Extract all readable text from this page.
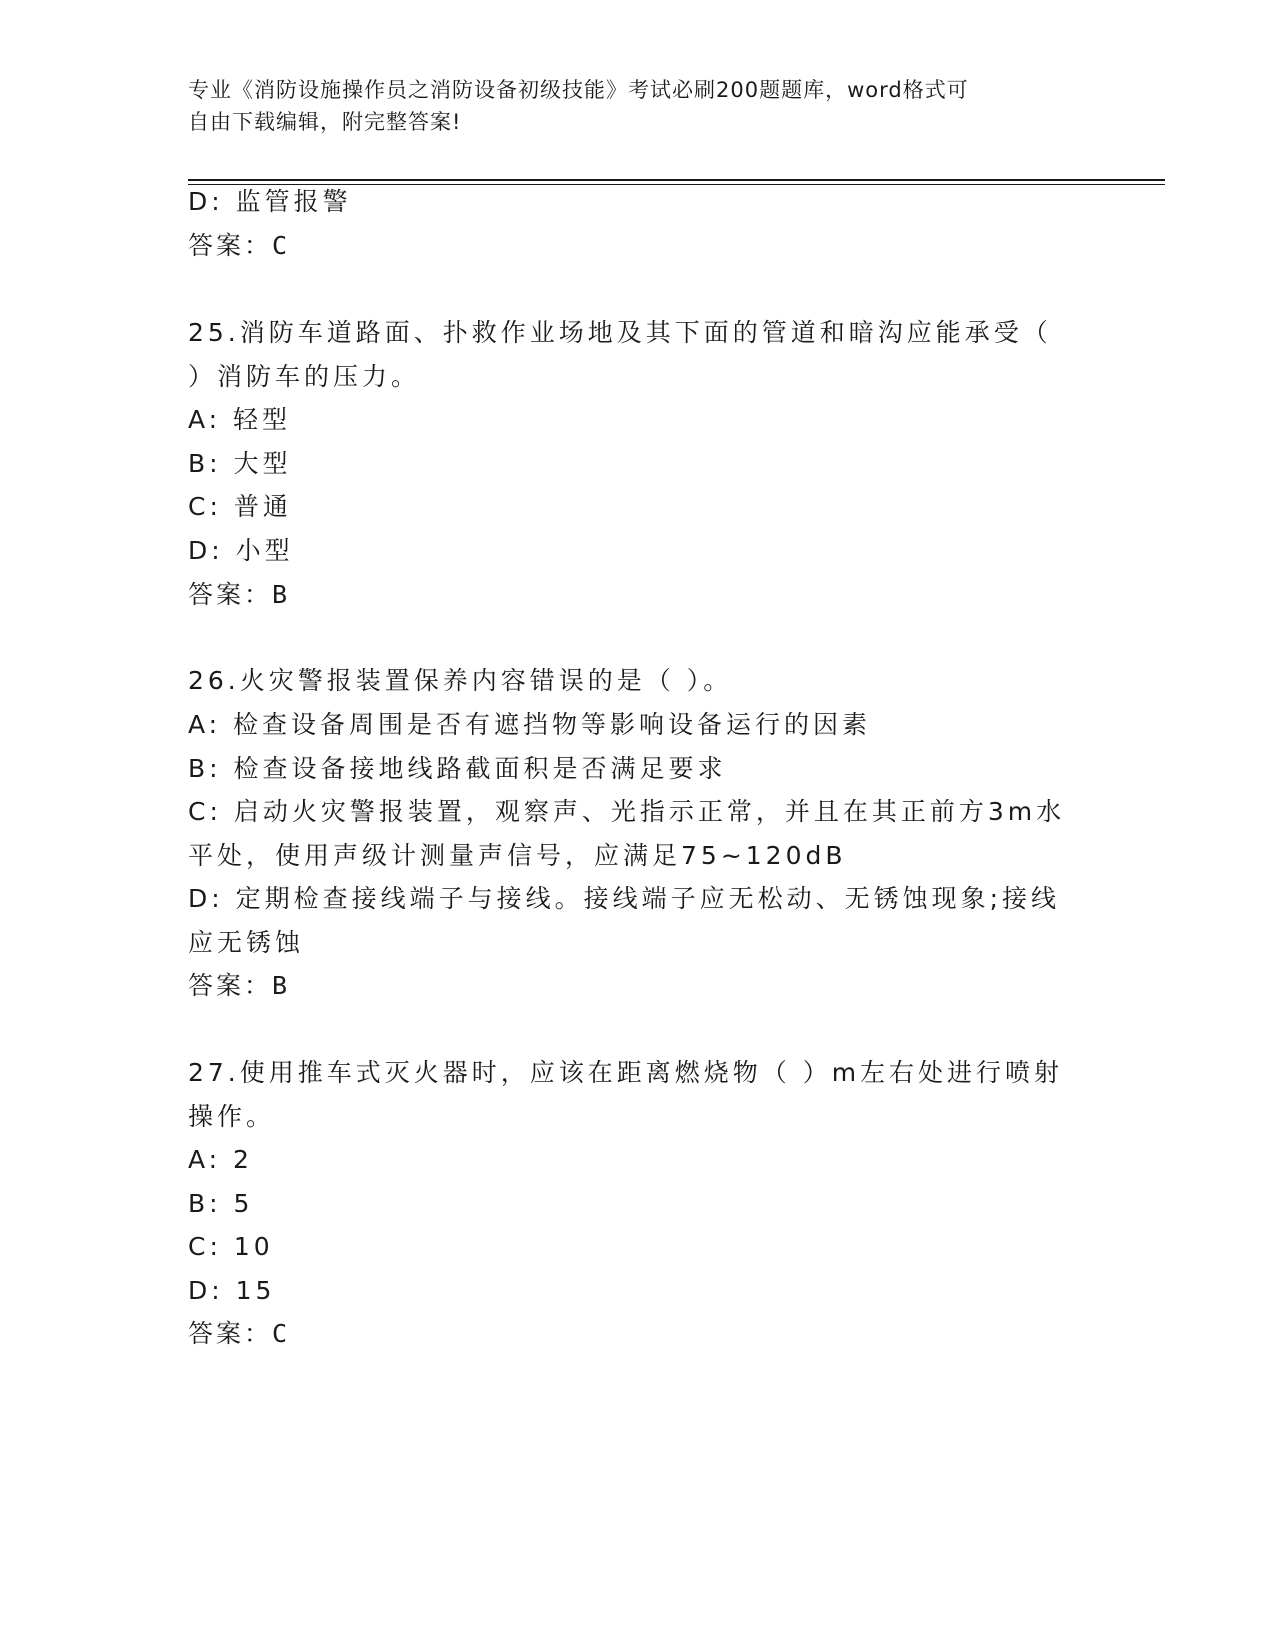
专业《消防设施操作员之消防设备初级技能》考试必刷200题题库，word格式可
自由下载编辑，附完整答案!
D: 监管报警
答案：C
25.消防车道路面、扑救作业场地及其下面的管道和暗沟应能承受（
）消防车的压力。
A: 轻型
B: 大型
C: 普通
D: 小型
答案：B
26.火灾警报装置保养内容错误的是（ ）。
A: 检查设备周围是否有遮挡物等影响设备运行的因素
B: 检查设备接地线路截面积是否满足要求
C: 启动火灾警报装置，观察声、光指示正常，并且在其正前方3m水
平处，使用声级计测量声信号，应满足75~120dB
D: 定期检查接线端子与接线。接线端子应无松动、无锈蚀现象;接线
应无锈蚀
答案：B
27.使用推车式灭火器时，应该在距离燃烧物（ ）m左右处进行喷射
操作。
A: 2
B: 5
C: 10
D: 15
答案：C
